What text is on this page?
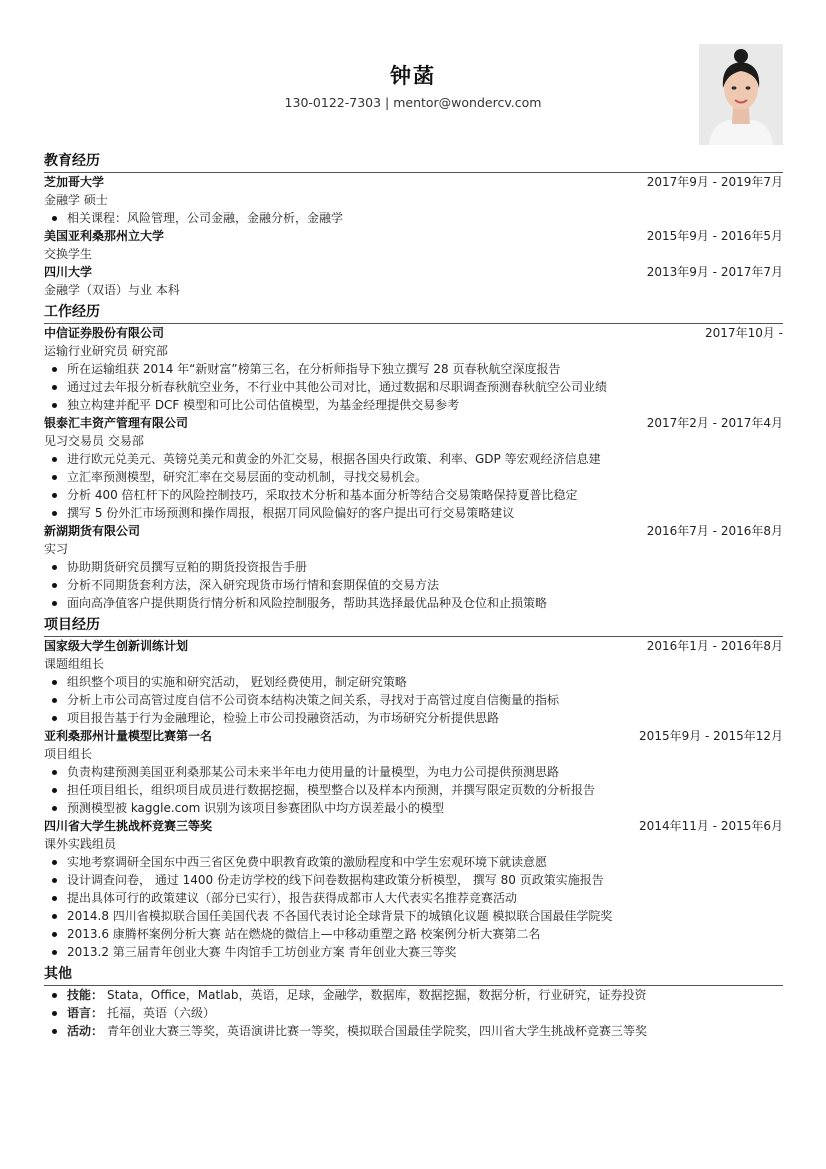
钟菡
130-0122-7303 | mentor@wondercv.com
教育经历
芝加哥大学	2017年9月 - 2019年7月
金融学 硕士
相关课程：风险管理，公司金融，金融分析，金融学
美国亚利桑那州立大学	2015年9月 - 2016年5月
交换学生
四川大学	2013年9月 - 2017年7月
金融学（双语）与业 本科
工作经历
中信证券股份有限公司	2017年10月 -
运输行业研究员 研究部
所在运输组获 2014 年“新财富”榜第三名，在分析师指导下独立撰写 28 页春秋航空深度报告
通过过去年报分析春秋航空业务，不行业中其他公司对比，通过数据和尽职调查预测春秋航空公司业绩
独立构建并配平 DCF 模型和可比公司估值模型，为基金经理提供交易参考
银泰汇丰资产管理有限公司	2017年2月 - 2017年4月
见习交易员 交易部
进行欧元兑美元、英镑兑美元和黄金的外汇交易，根据各国央行政策、利率、GDP 等宏观经济信息建
立汇率预测模型，研究汇率在交易层面的变动机制，寻找交易机会。
分析 400 倍杠杆下的风险控制技巧，采取技术分析和基本面分析等结合交易策略保持夏普比稳定
撰写 5 份外汇市场预测和操作周报，根据丌同风险偏好的客户提出可行交易策略建议
新湖期货有限公司	2016年7月 - 2016年8月
实习
协助期货研究员撰写豆粕的期货投资报告手册
分析不同期货套利方法，深入研究现货市场行情和套期保值的交易方法
面向高净值客户提供期货行情分析和风险控制服务，帮助其选择最优品种及仓位和止损策略
项目经历
国家级大学生创新训练计划	2016年1月 - 2016年8月
课题组组长
组织整个项目的实施和研究活动， 觃划经费使用，制定研究策略
分析上市公司高管过度自信不公司资本结构决策之间关系，寻找对于高管过度自信衡量的指标
项目报告基于行为金融理论，检验上市公司投融资活动，为市场研究分析提供思路
亚利桑那州计量模型比赛第一名	2015年9月 - 2015年12月
项目组长
负责构建预测美国亚利桑那某公司未来半年电力使用量的计量模型，为电力公司提供预测思路
担任项目组长，组织项目成员进行数据挖掘，模型整合以及样本内预测，并撰写限定页数的分析报告
预测模型被 kaggle.com 识别为该项目参赛团队中均方误差最小的模型
四川省大学生挑战杯竞赛三等奖	2014年11月 - 2015年6月
课外实践组员
实地考察调研全国东中西三省区免费中职教育政策的激励程度和中学生宏观环境下就读意愿
设计调查问卷， 通过 1400 份走访学校的线下问卷数据构建政策分析模型， 撰写 80 页政策实施报告
提出具体可行的政策建议（部分已实行），报告获得成都市人大代表实名推荐竞赛活动
2014.8 四川省模拟联合国任美国代表 不各国代表讨论全球背景下的城镇化议题 模拟联合国最佳学院奖
2013.6 康腾杯案例分析大赛 站在燃烧的微信上—中移动重塑之路 校案例分析大赛第二名
2013.2 第三届青年创业大赛 牛肉馆手工坊创业方案 青年创业大赛三等奖
其他
技能： Stata，Office，Matlab，英语，足球，金融学，数据库，数据挖掘，数据分析，行业研究，证券投资
语言： 托福，英语（六级）
活动： 青年创业大赛三等奖，英语演讲比赛一等奖，模拟联合国最佳学院奖，四川省大学生挑战杯竞赛三等奖
